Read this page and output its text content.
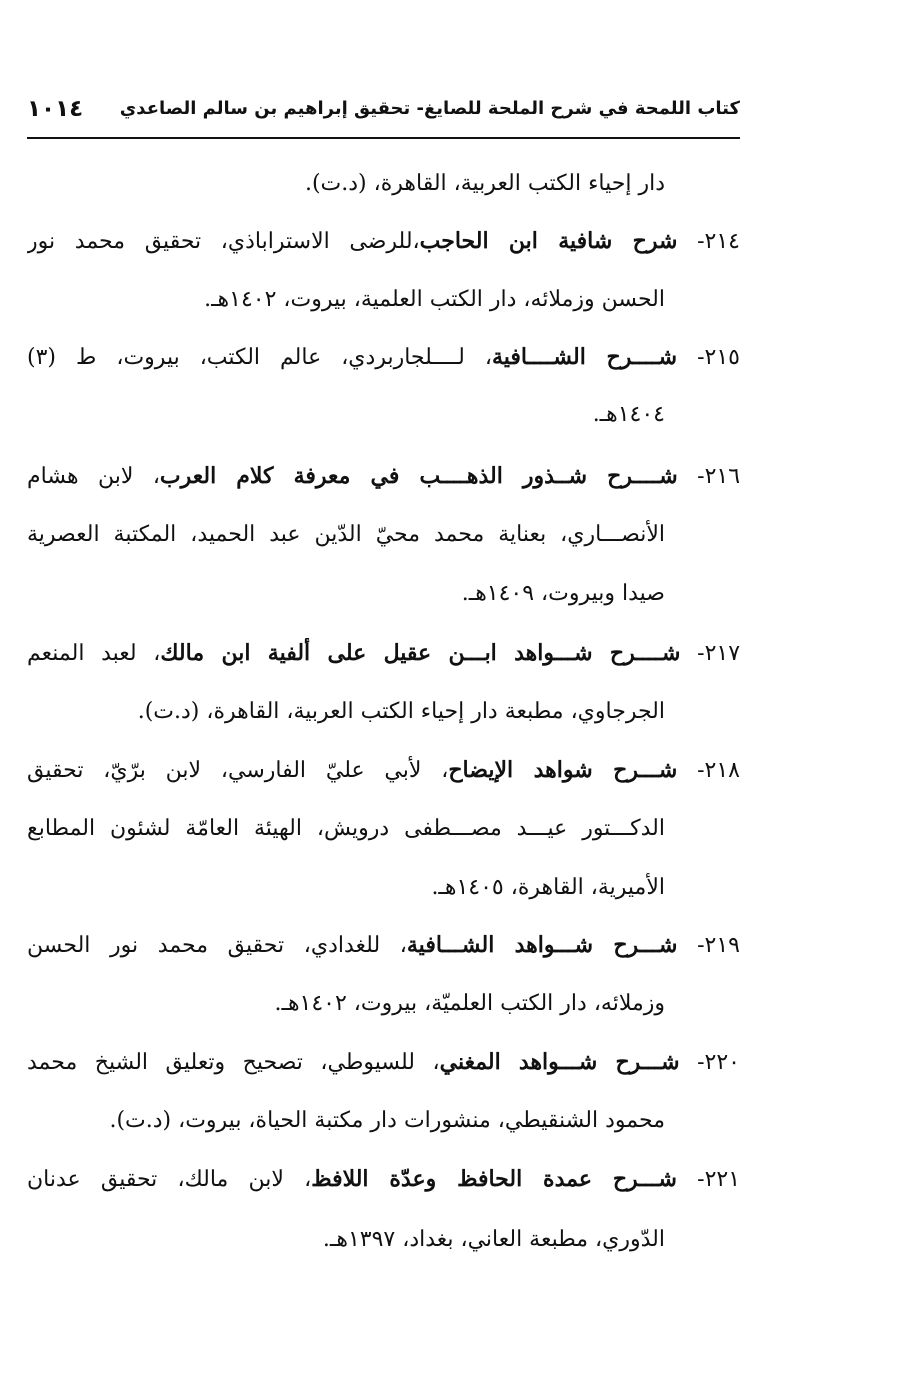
كتاب اللمحة في شرح الملحة للصايغ- تحقيق إبراهيم بن سالم الصاعدي
١٠١٤
دار إحياء الكتب العربية، القاهرة، (د.ت).
٢١٤- شرح شافية ابن الحاجب،للرضى الاستراباذي، تحقيق محمد نور
الحسن وزملائه، دار الكتب العلمية، بيروت، ١٤٠٢هـ.
٢١٥- شــــرح الشــــافية، لــــلجاربردي، عالم الكتب، بيروت، ط (٣)
١٤٠٤هـ.
٢١٦- شــــرح شــذور الذهــــب في معرفة كلام العرب، لابن هشام
الأنصـــاري، بعناية محمد محيّ الدّين عبد الحميد، المكتبة العصرية
صيدا وبيروت، ١٤٠٩هـ.
٢١٧- شــــرح شـــواهد ابـــن عقيل على ألفية ابن مالك، لعبد المنعم
الجرجاوي، مطبعة دار إحياء الكتب العربية، القاهرة، (د.ت).
٢١٨- شـــرح شواهد الإيضاح، لأبي عليّ الفارسي، لابن برّيّ، تحقيق
الدكـــتور عيـــد مصـــطفى درويش، الهيئة العامّة لشئون المطابع
الأميرية، القاهرة، ١٤٠٥هـ.
٢١٩- شـــرح شـــواهد الشـــافية، للغدادي، تحقيق محمد نور الحسن
وزملائه، دار الكتب العلميّة، بيروت، ١٤٠٢هـ.
٢٢٠- شـــرح شـــواهد المغني، للسيوطي، تصحيح وتعليق الشيخ محمد
محمود الشنقيطي، منشورات دار مكتبة الحياة، بيروت، (د.ت).
٢٢١- شـــرح عمدة الحافظ وعدّة اللافظ، لابن مالك، تحقيق عدنان
الدّوري، مطبعة العاني، بغداد، ١٣٩٧هـ.
